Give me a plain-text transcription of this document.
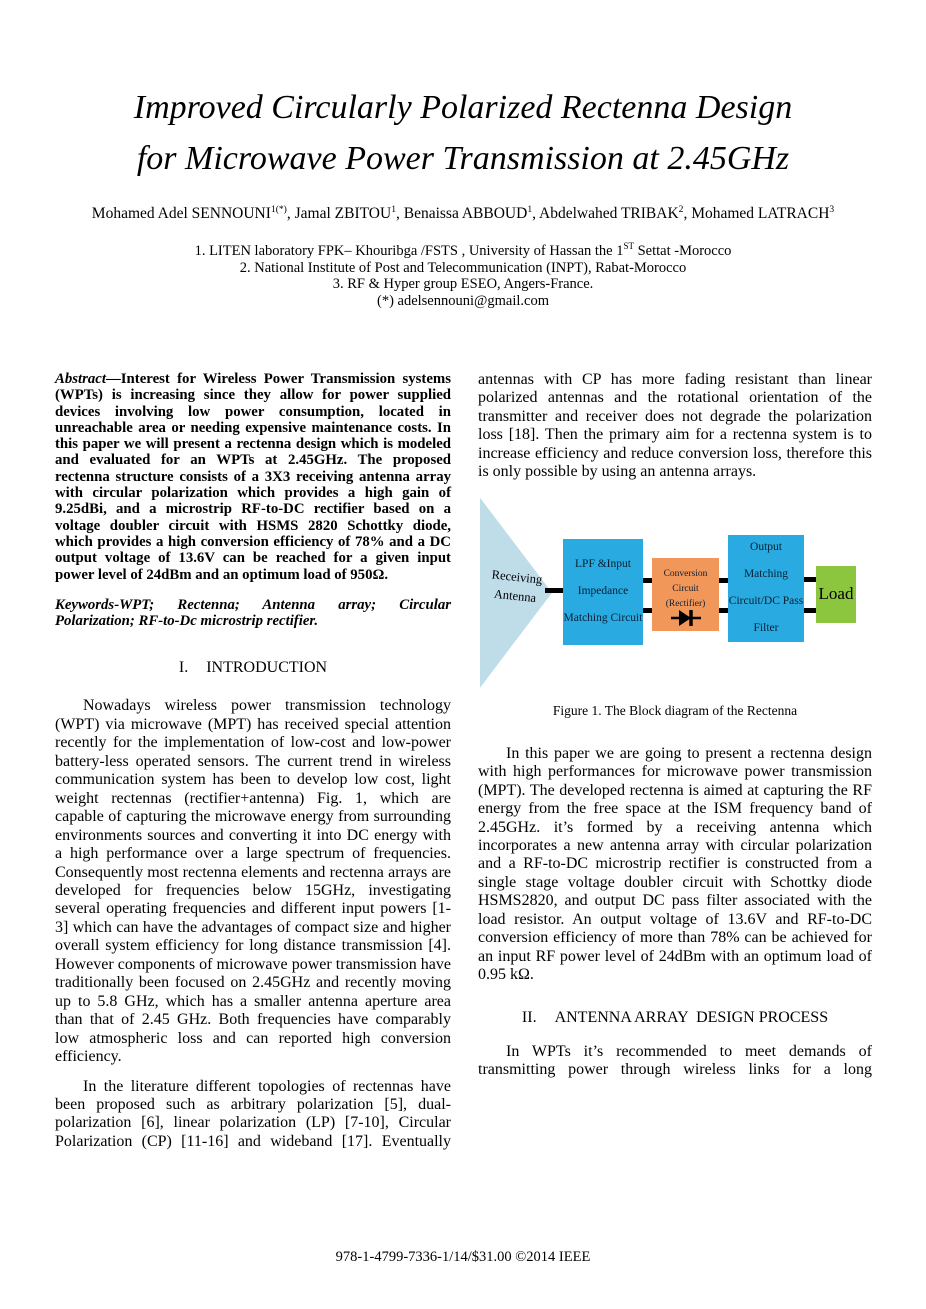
Improved Circularly Polarized Rectenna Design
for Microwave Power Transmission at 2.45GHz
Mohamed Adel $SENNOUNI^{1(*)}$, Jamal ZBITOU$^1$, Benaissa ABBOUD$^1$, Abdelwahed TRIBAK$^2$, Mohamed LATRACH$^3$
1. LITEN laboratory FPK– Khouribga /FSTS , University of Hassan the 1ST Settat -Morocco
2. National Institute of Post and Telecommunication (INPT), Rabat-Morocco
3. RF & Hyper group ESEO, Angers-France.
(*) adelsennouni@gmail.com

Abstract—Interest for Wireless Power Transmission systems (WPTs) is increasing since they allow for power supplied devices involving low power consumption, located in unreachable area or needing expensive maintenance costs. In this paper we will present a rectenna design which is modeled and evaluated for an WPTs at 2.45GHz. The proposed rectenna structure consists of a 3X3 receiving antenna array with circular polarization which provides a high gain of 9.25dBi, and a microstrip RF-to-DC rectifier based on a voltage doubler circuit with HSMS 2820 Schottky diode, which provides a high conversion efficiency of 78% and a DC output voltage of 13.6V can be reached for a given input power level of 24dBm and an optimum load of 950Ω.

Keywords-WPT; Rectenna; Antenna array; Circular Polarization; RF-to-Dc microstrip rectifier.

I. INTRODUCTION

Nowadays wireless power transmission technology (WPT) via microwave (MPT) has received special attention recently for the implementation of low-cost and low-power battery-less operated sensors. The current trend in wireless communication system has been to develop low cost, light weight rectennas (rectifier+antenna) Fig. 1, which are capable of capturing the microwave energy from surrounding environments sources and converting it into DC energy with a high performance over a large spectrum of frequencies. Consequently most rectenna elements and rectenna arrays are developed for frequencies below 15GHz, investigating several operating frequencies and different input powers [1-3] which can have the advantages of compact size and higher overall system efficiency for long distance transmission [4]. However components of microwave power transmission have traditionally been focused on 2.45GHz and recently moving up to 5.8 GHz, which has a smaller antenna aperture area than that of 2.45 GHz. Both frequencies have comparably low atmospheric loss and can reported high conversion efficiency.

In the literature different topologies of rectennas have been proposed such as arbitrary polarization [5], dual-polarization [6], linear polarization (LP) [7-10], Circular Polarization (CP) [11-16] and wideband [17]. Eventually

antennas with CP has more fading resistant than linear polarized antennas and the rotational orientation of the transmitter and receiver does not degrade the polarization loss [18]. Then the primary aim for a rectenna system is to increase efficiency and reduce conversion loss, therefore this is only possible by using an antenna arrays.

Receiving
Antenna
LPF &Input
Impedance
Matching Circuit
Conversion Circuit
(Rectifier)
Output Matching
Circuit/DC Pass
Filter
Load
Figure 1. The Block diagram of the Rectenna

In this paper we are going to present a rectenna design with high performances for microwave power transmission (MPT). The developed rectenna is aimed at capturing the RF energy from the free space at the ISM frequency band of 2.45GHz. it’s formed by a receiving antenna which incorporates a new antenna array with circular polarization and a RF-to-DC microstrip rectifier is constructed from a single stage voltage doubler circuit with Schottky diode HSMS2820, and output DC pass filter associated with the load resistor. An output voltage of 13.6V and RF-to-DC conversion efficiency of more than 78% can be achieved for an input RF power level of 24dBm with an optimum load of 0.95 kΩ.

II. ANTENNA ARRAY  DESIGN PROCESS

In WPTs it’s recommended to meet demands of transmitting power through wireless links for a long

978-1-4799-7336-1/14/$31.00 ©2014 IEEE
